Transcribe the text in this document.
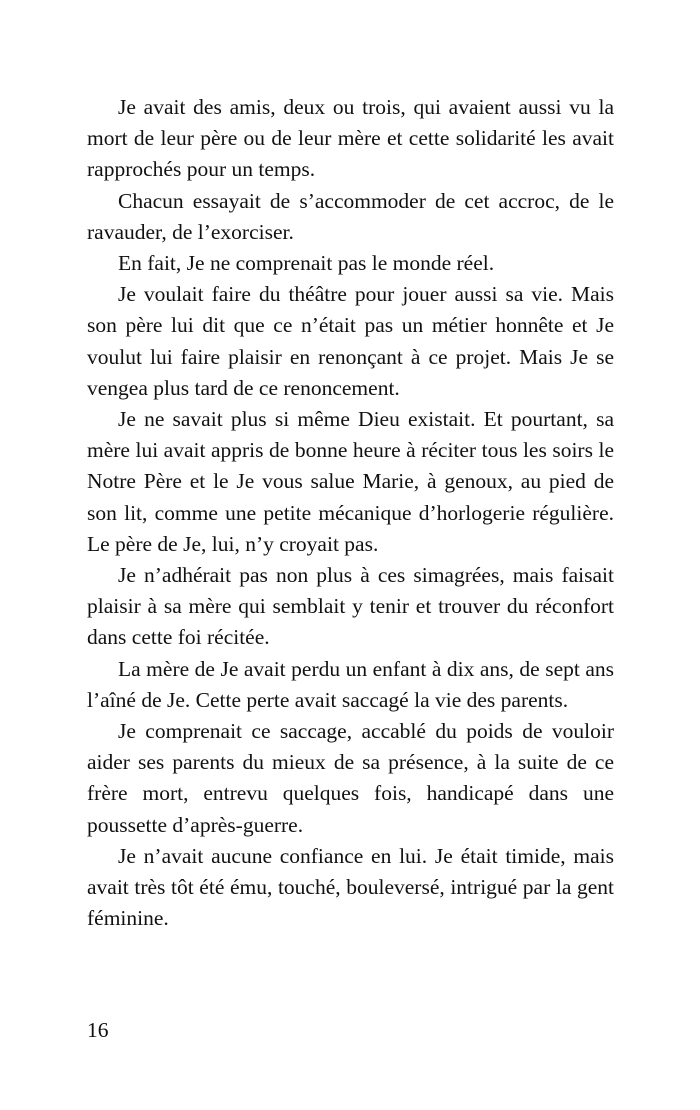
Je avait des amis, deux ou trois, qui avaient aussi vu la mort de leur père ou de leur mère et cette solidarité les avait rapprochés pour un temps.

Chacun essayait de s’accommoder de cet accroc, de le ravauder, de l’exorciser.

En fait, Je ne comprenait pas le monde réel.

Je voulait faire du théâtre pour jouer aussi sa vie. Mais son père lui dit que ce n’était pas un métier honnête et Je voulut lui faire plaisir en renonçant à ce projet. Mais Je se vengea plus tard de ce renoncement.

Je ne savait plus si même Dieu existait. Et pourtant, sa mère lui avait appris de bonne heure à réciter tous les soirs le Notre Père et le Je vous salue Marie, à genoux, au pied de son lit, comme une petite mécanique d’horlogerie régulière. Le père de Je, lui, n’y croyait pas.

Je n’adhérait pas non plus à ces simagrées, mais faisait plaisir à sa mère qui semblait y tenir et trouver du réconfort dans cette foi récitée.

La mère de Je avait perdu un enfant à dix ans, de sept ans l’aîné de Je. Cette perte avait saccagé la vie des parents.

Je comprenait ce saccage, accablé du poids de vouloir aider ses parents du mieux de sa présence, à la suite de ce frère mort, entrevu quelques fois, handicapé dans une poussette d’après-guerre.

Je n’avait aucune confiance en lui. Je était timide, mais avait très tôt été ému, touché, bouleversé, intrigué par la gent féminine.

16
